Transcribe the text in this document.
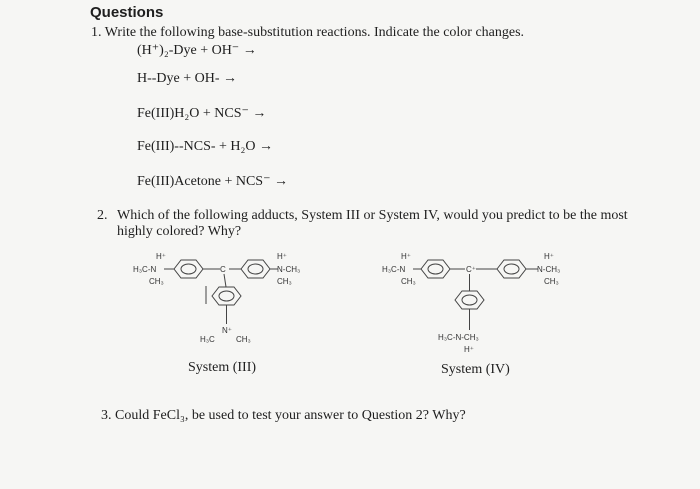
Questions
1. Write the following base-substitution reactions. Indicate the color changes.
(H⁺)₂-Dye + OH⁻ →
H--Dye + OH- →
Fe(III)H₂O + NCS⁻ →
Fe(III)--NCS- + H₂O →
Fe(III)Acetone + NCS⁻ →
2. Which of the following adducts, System III or System IV, would you predict to be the most highly colored? Why?
H⁺
H₃C-N
CH₃
C
H⁺
N-CH₃
CH₃
N⁺
H₃C	CH₃
H⁺
H₃C-N
CH₃
C⁺
H⁺
N-CH₃
CH₃
H₃C-N-CH₃
H⁺
System (III)	System (IV)
3. Could FeCl₃, be used to test your answer to Question 2? Why?
